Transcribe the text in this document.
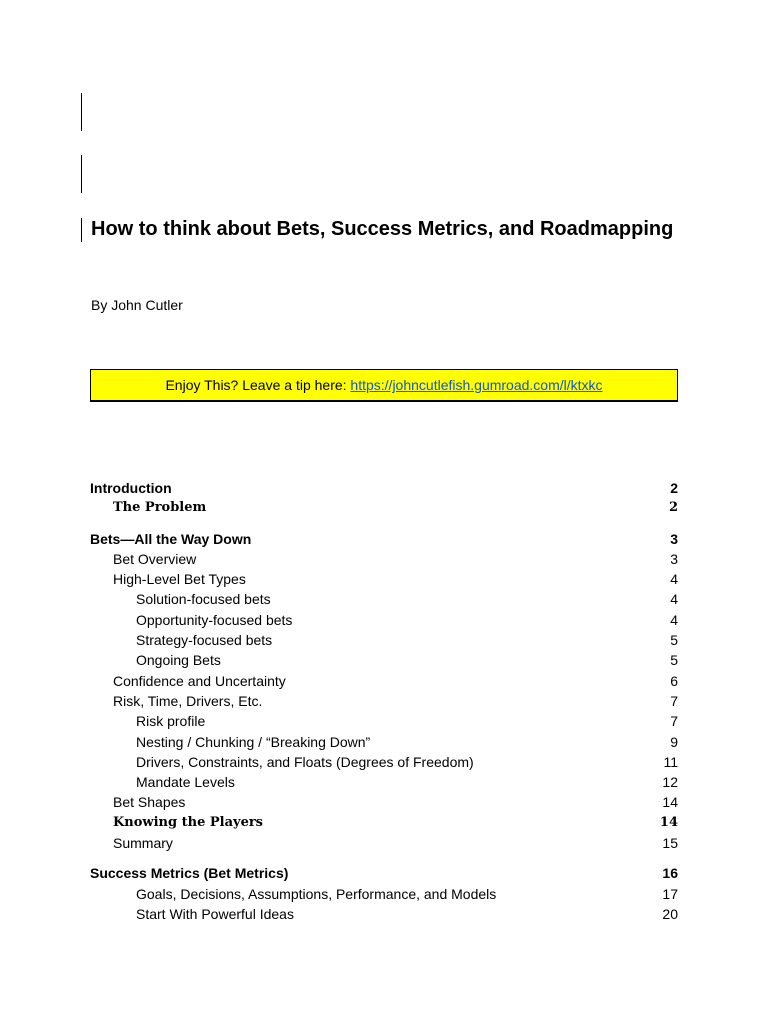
How to think about Bets, Success Metrics, and Roadmapping

By John Cutler

Enjoy This? Leave a tip here: https://johncutlefish.gumroad.com/l/ktxkc
Introduction	2
The Problem	2
Bets—All the Way Down	3
Bet Overview	3
High-Level Bet Types	4
Solution-focused bets	4
Opportunity-focused bets	4
Strategy-focused bets	5
Ongoing Bets	5
Confidence and Uncertainty	6
Risk, Time, Drivers, Etc.	7
Risk profile	7
Nesting / Chunking / “Breaking Down”	9
Drivers, Constraints, and Floats (Degrees of Freedom)	11
Mandate Levels	12
Bet Shapes	14
Knowing the Players	14
Summary	15
Success Metrics (Bet Metrics)	16
Goals, Decisions, Assumptions, Performance, and Models	17
Start With Powerful Ideas	20
